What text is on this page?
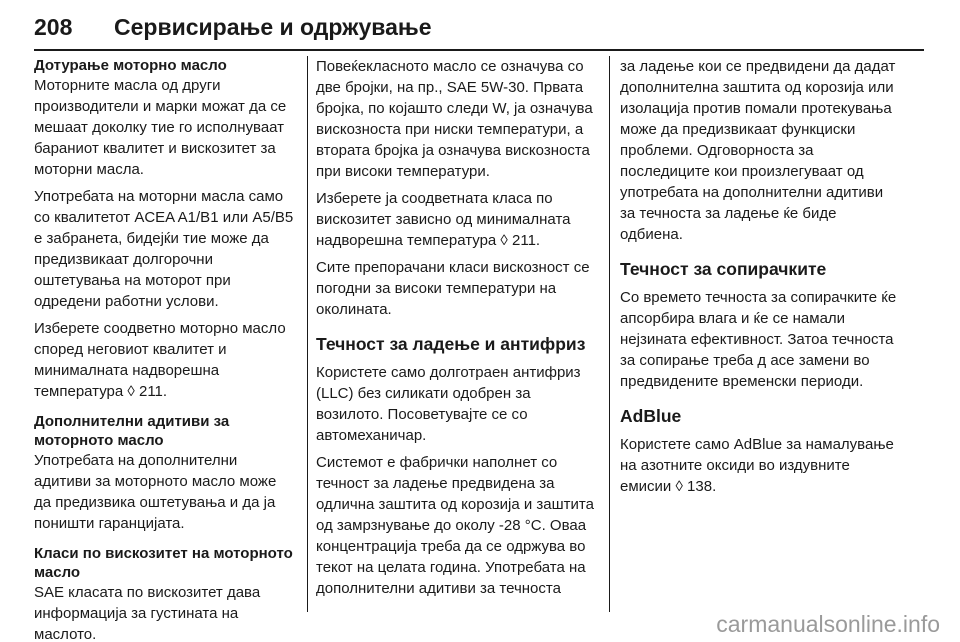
208 Сервисирање и одржување
Дотурање моторно масло

Моторните масла од други производители и марки можат да се мешаат доколку тие го исполнуваат бараниот квалитет и вискозитет за моторни масла.

Употребата на моторни масла само со квалитетот ACEA A1/B1 или A5/B5 е забранета, бидејќи тие може да предизвикаат долгорочни оштетувања на моторот при одредени работни услови.

Изберете соодветно моторно масло според неговиот квалитет и минималната надворешна температура ◊ 211.

Дополнителни адитиви за моторното масло

Употребата на дополнителни адитиви за моторното масло може да предизвика оштетувања и да ја поништи гаранцијата.

Класи по вискозитет на моторното масло

SAE класата по вискозитет дава информација за густината на маслото.

Повеќекласното масло се означува со две бројки, на пр., SAE 5W-30. Првата бројка, по којашто следи W, ја означува вискозноста при ниски температури, а втората бројка ја означува вискозноста при високи температури.

Изберете ја соодветната класа по вискозитет зависно од минималната надворешна температура ◊ 211.

Сите препорачани класи вискозност се погодни за високи температури на околината.

Течност за ладење и антифриз

Користете само долготраен антифриз (LLC) без силикати одобрен за возилото. Посоветувајте се со автомеханичар.

Системот е фабрички наполнет со течност за ладење предвидена за одлична заштита од корозија и заштита од замрзнување до околу -28 °C. Оваа концентрација треба да се одржува во текот на целата година. Употребата на дополнителни адитиви за течноста

за ладење кои се предвидени да дадат дополнителна заштита од корозија или изолација против помали протекувања може да предизвикаат функциски проблеми. Одговорноста за последиците кои произлегуваат од употребата на дополнителни адитиви за течноста за ладење ќе биде одбиена.

Течност за сопирачките

Со времето течноста за сопирачките ќе апсорбира влага и ќе се намали нејзината ефективност. Затоа течноста за сопирање треба д асе замени во предвидените временски периоди.

AdBlue

Користете само AdBlue за намалување на азотните оксиди во издувните емисии ◊ 138.

carmanualsonline.info
